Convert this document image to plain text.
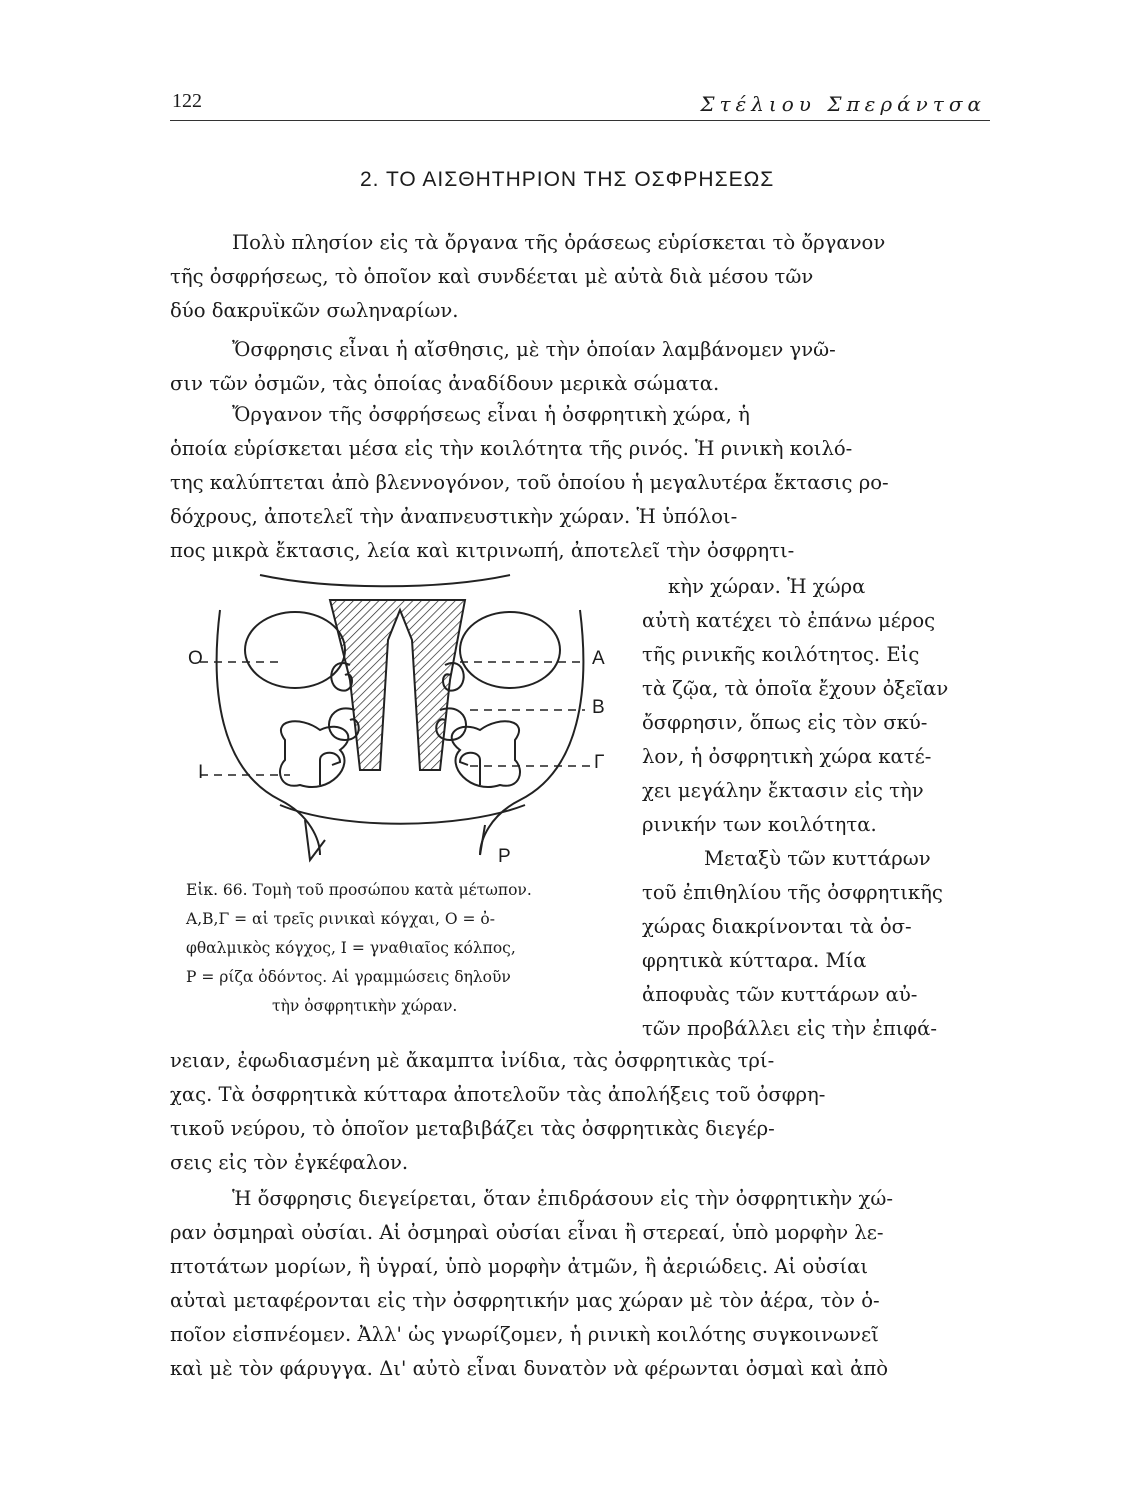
122	Στέλιου Σπεράντσα
2. ΤΟ ΑΙΣΘΗΤΗΡΙΟΝ ΤΗΣ ΟΣΦΡΗΣΕΩΣ
Πολὺ πλησίον εἰς τὰ ὄργανα τῆς ὁράσεως εὑρίσκεται τὸ ὄργανον
τῆς ὀσφρήσεως, τὸ ὁποῖον καὶ συνδέεται μὲ αὐτὰ διὰ μέσου τῶν
δύο δακρυϊκῶν σωληναρίων.
Ὄσφρησις εἶναι ἡ αἴσθησις, μὲ τὴν ὁποίαν λαμβάνομεν γνῶ-
σιν τῶν ὀσμῶν, τὰς ὁποίας ἀναδίδουν μερικὰ σώματα.
Ὄργανον τῆς ὀσφρήσεως εἶναι ἡ ὀσφρητικὴ χώρα, ἡ
ὁποία εὑρίσκεται μέσα εἰς τὴν κοιλότητα τῆς ρινός. Ἡ ρινικὴ κοιλό-
της καλύπτεται ἀπὸ βλεννογόνον, τοῦ ὁποίου ἡ μεγαλυτέρα ἔκτασις ρο-
δόχρους, ἀποτελεῖ τὴν ἀναπνευστικὴν χώραν. Ἡ ὑπόλοι-
πος μικρὰ ἔκτασις, λεία καὶ κιτρινωπή, ἀποτελεῖ τὴν ὀσφρητι-
κὴν χώραν. Ἡ χώρα
αὐτὴ κατέχει τὸ ἐπάνω μέρος
τῆς ρινικῆς κοιλότητος. Εἰς
τὰ ζῷα, τὰ ὁποῖα ἔχουν ὀξεῖαν
ὄσφρησιν, ὅπως εἰς τὸν σκύ-
λον, ἡ ὀσφρητικὴ χώρα κατέ-
χει μεγάλην ἔκτασιν εἰς τὴν
ρινικήν των κοιλότητα.
Μεταξὺ τῶν κυττάρων
τοῦ ἐπιθηλίου τῆς ὀσφρητικῆς
χώρας διακρίνονται τὰ ὀσ-
φρητικὰ κύτταρα. Μία
ἀποφυὰς τῶν κυττάρων αὐ-
τῶν προβάλλει εἰς τὴν ἐπιφά-
O
I
A
B
Γ
P
Εἰκ. 66. Τομὴ τοῦ προσώπου κατὰ μέτωπον.
Α,Β,Γ = αἱ τρεῖς ρινικαὶ κόγχαι, Ο = ὀ-
φθαλμικὸς κόγχος, Ι = γναθιαῖος κόλπος,
Ρ = ρίζα ὀδόντος. Αἱ γραμμώσεις δηλοῦν
τὴν ὀσφρητικὴν χώραν.
νειαν, ἐφωδιασμένη μὲ ἄκαμπτα ἰνίδια, τὰς ὀσφρητικὰς τρί-
χας. Τὰ ὀσφρητικὰ κύτταρα ἀποτελοῦν τὰς ἀπολήξεις τοῦ ὀσφρη-
τικοῦ νεύρου, τὸ ὁποῖον μεταβιβάζει τὰς ὀσφρητικὰς διεγέρ-
σεις εἰς τὸν ἐγκέφαλον.
Ἡ ὄσφρησις διεγείρεται, ὅταν ἐπιδράσουν εἰς τὴν ὀσφρητικὴν χώ-
ραν ὀσμηραὶ οὐσίαι. Αἱ ὀσμηραὶ οὐσίαι εἶναι ἢ στερεαί, ὑπὸ μορφὴν λε-
πτοτάτων μορίων, ἢ ὑγραί, ὑπὸ μορφὴν ἀτμῶν, ἢ ἀεριώδεις. Αἱ οὐσίαι
αὐταὶ μεταφέρονται εἰς τὴν ὀσφρητικήν μας χώραν μὲ τὸν ἀέρα, τὸν ὁ-
ποῖον εἰσπνέομεν. Ἀλλ' ὡς γνωρίζομεν, ἡ ρινικὴ κοιλότης συγκοινωνεῖ
καὶ μὲ τὸν φάρυγγα. Δι' αὐτὸ εἶναι δυνατὸν νὰ φέρωνται ὀσμαὶ καὶ ἀπὸ
